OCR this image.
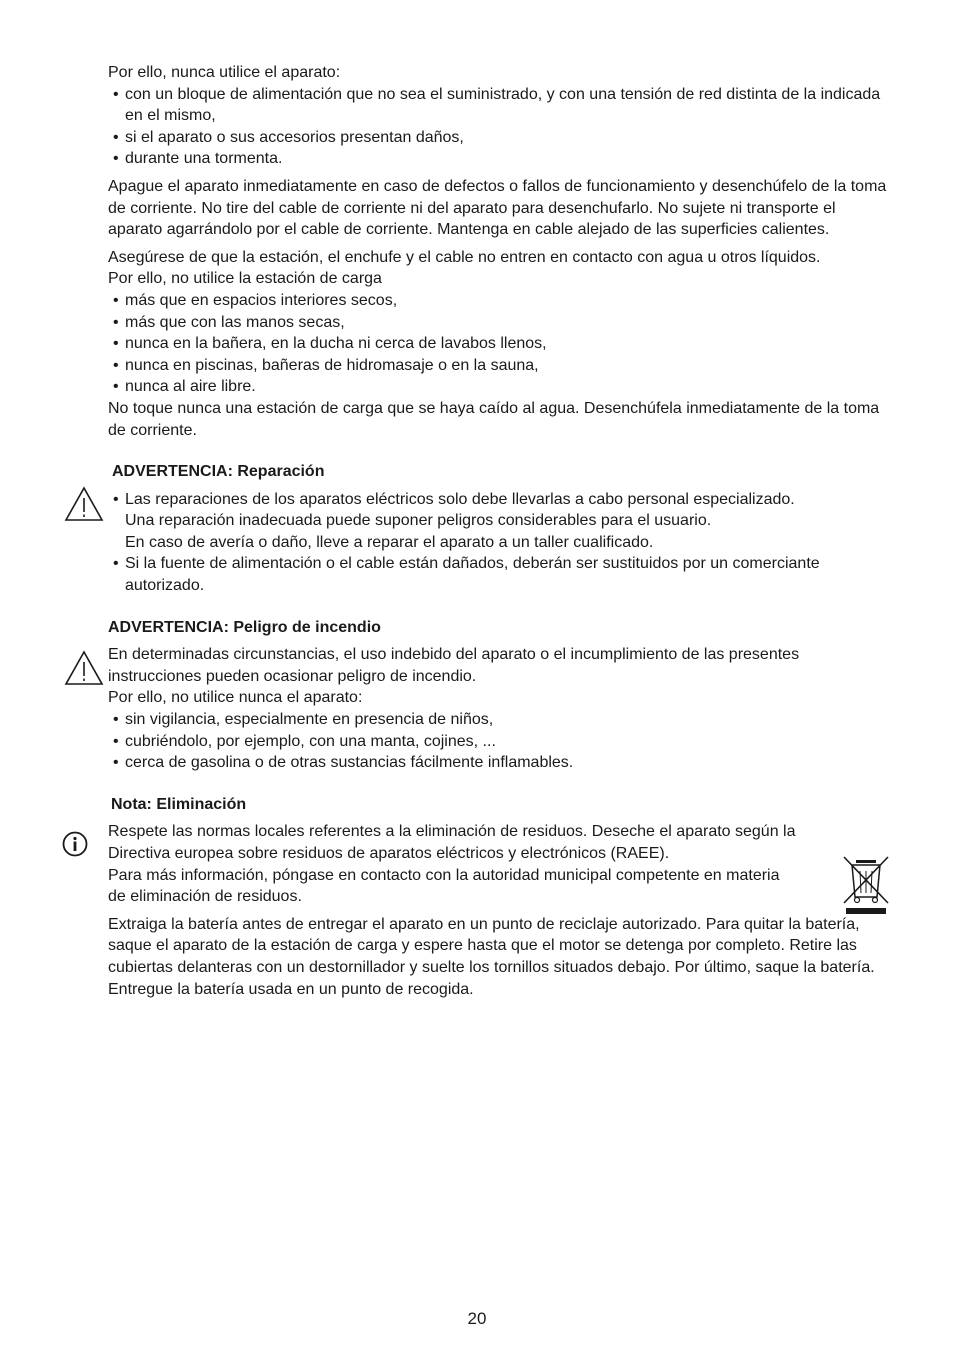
Por ello, nunca utilice el aparato:

• con un bloque de alimentación que no sea el suministrado, y con una tensión de red distinta de la indicada en el mismo,
• si el aparato o sus accesorios presentan daños,
• durante una tormenta.

Apague el aparato inmediatamente en caso de defectos o fallos de funcionamiento y desenchúfelo de la toma de corriente. No tire del cable de corriente ni del aparato para desenchufarlo. No sujete ni transporte el aparato agarrándolo por el cable de corriente. Mantenga en cable alejado de las superficies calientes.

Asegúrese de que la estación, el enchufe y el cable no entren en contacto con agua u otros líquidos.

Por ello, no utilice la estación de carga

• más que en espacios interiores secos,
• más que con las manos secas,
• nunca en la bañera, en la ducha ni cerca de lavabos llenos,
• nunca en piscinas, bañeras de hidromasaje o en la sauna,
• nunca al aire libre.

No toque nunca una estación de carga que se haya caído al agua. Desenchúfela inmediatamente de la toma de corriente.

ADVERTENCIA: Reparación

• Las reparaciones de los aparatos eléctricos solo debe llevarlas a cabo personal especializado.
Una reparación inadecuada puede suponer peligros considerables para el usuario.
En caso de avería o daño, lleve a reparar el aparato a un taller cualificado.
• Si la fuente de alimentación o el cable están dañados, deberán ser sustituidos por un comerciante autorizado.

ADVERTENCIA: Peligro de incendio

En determinadas circunstancias, el uso indebido del aparato o el incumplimiento de las presentes instrucciones pueden ocasionar peligro de incendio.

Por ello, no utilice nunca el aparato:

• sin vigilancia, especialmente en presencia de niños,
• cubriéndolo, por ejemplo, con una manta, cojines, ...
• cerca de gasolina o de otras sustancias fácilmente inflamables.

Nota: Eliminación

Respete las normas locales referentes a la eliminación de residuos. Deseche el aparato según la Directiva europea sobre residuos de aparatos eléctricos y electrónicos (RAEE).

Para más información, póngase en contacto con la autoridad municipal competente en materia de eliminación de residuos.

Extraiga la batería antes de entregar el aparato en un punto de reciclaje autorizado. Para quitar la batería, saque el aparato de la estación de carga y espere hasta que el motor se detenga por completo. Retire las cubiertas delanteras con un destornillador y suelte los tornillos situados debajo. Por último, saque la batería. Entregue la batería usada en un punto de recogida.

20
